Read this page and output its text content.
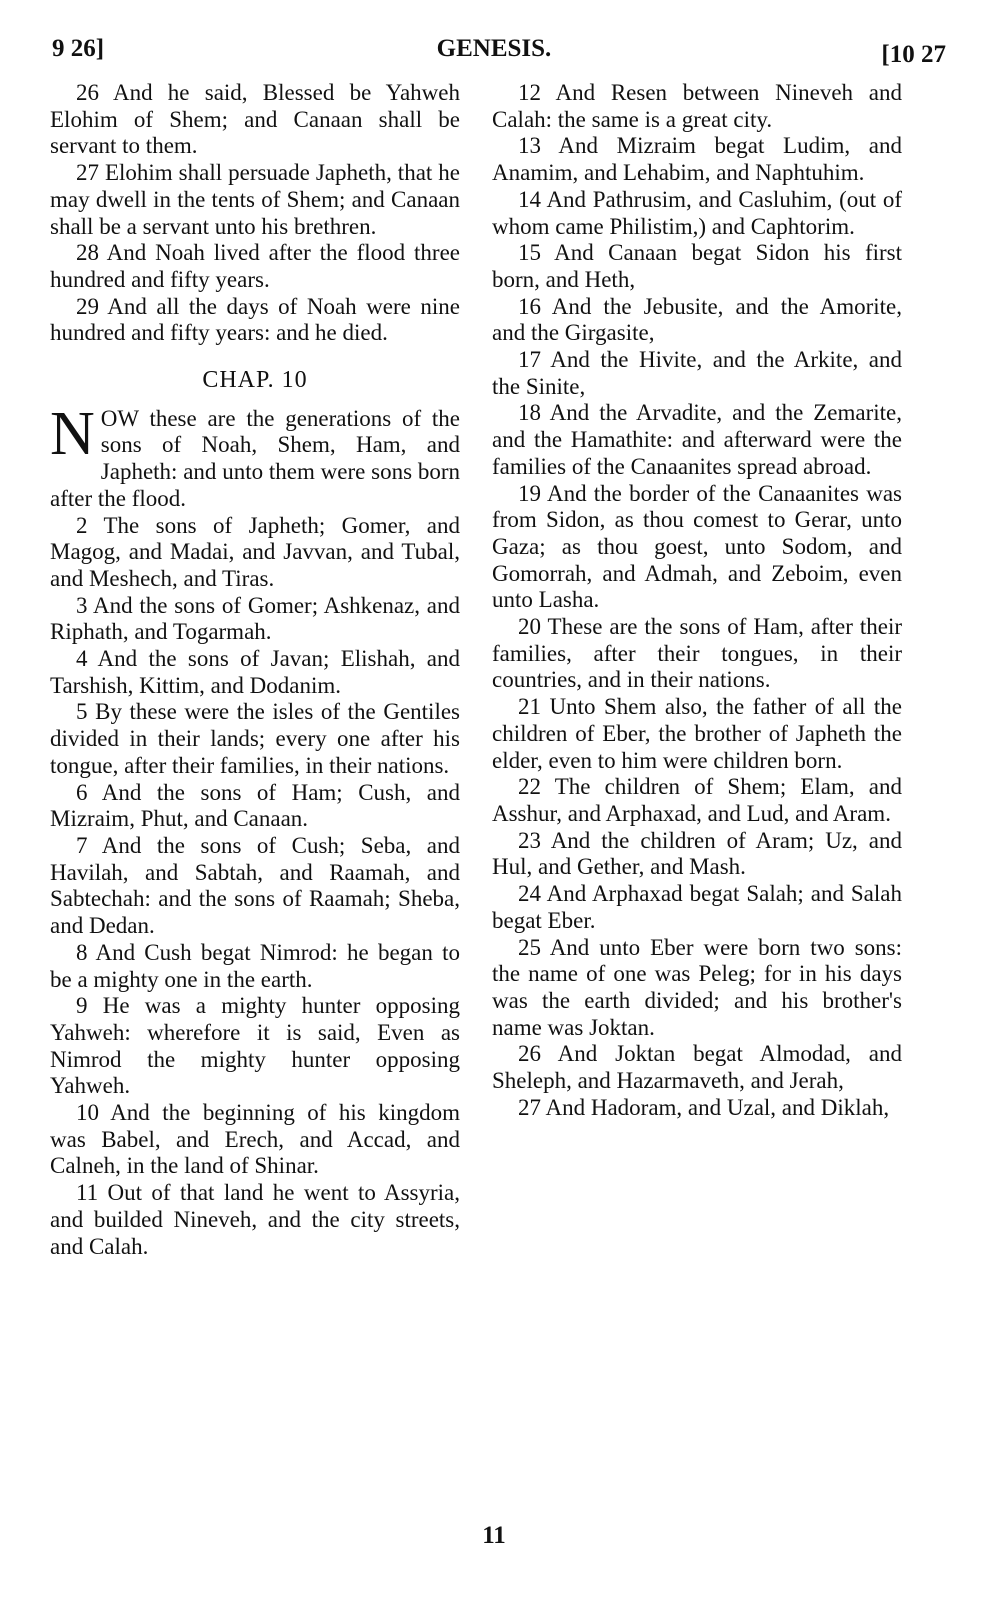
9 26]	GENESIS.	[10 27

26 And he said, Blessed be Yahweh Elohim of Shem; and Canaan shall be servant to them.

27 Elohim shall persuade Japheth, that he may dwell in the tents of Shem; and Canaan shall be a servant unto his brethren.

28 And Noah lived after the flood three hundred and fifty years.

29 And all the days of Noah were nine hundred and fifty years: and he died.

CHAP. 10

NOW these are the generations of the sons of Noah, Shem, Ham, and Japheth: and unto them were sons born after the flood.

2 The sons of Japheth; Gomer, and Magog, and Madai, and Javvan, and Tubal, and Meshech, and Tiras.

3 And the sons of Gomer; Ashkenaz, and Riphath, and Togarmah.

4 And the sons of Javan; Elishah, and Tarshish, Kittim, and Dodanim.

5 By these were the isles of the Gentiles divided in their lands; every one after his tongue, after their families, in their nations.

6 And the sons of Ham; Cush, and Mizraim, Phut, and Canaan.

7 And the sons of Cush; Seba, and Havilah, and Sabtah, and Raamah, and Sabtechah: and the sons of Raamah; Sheba, and Dedan.

8 And Cush begat Nimrod: he began to be a mighty one in the earth.

9 He was a mighty hunter opposing Yahweh: wherefore it is said, Even as Nimrod the mighty hunter opposing Yahweh.

10 And the beginning of his kingdom was Babel, and Erech, and Accad, and Calneh, in the land of Shinar.

11 Out of that land he went to Assyria, and builded Nineveh, and the city streets, and Calah.

12 And Resen between Nineveh and Calah: the same is a great city.

13 And Mizraim begat Ludim, and Anamim, and Lehabim, and Naphtuhim.

14 And Pathrusim, and Casluhim, (out of whom came Philistim,) and Caphtorim.

15 And Canaan begat Sidon his first born, and Heth,

16 And the Jebusite, and the Amorite, and the Girgasite,

17 And the Hivite, and the Arkite, and the Sinite,

18 And the Arvadite, and the Zemarite, and the Hamathite: and afterward were the families of the Canaanites spread abroad.

19 And the border of the Canaanites was from Sidon, as thou comest to Gerar, unto Gaza; as thou goest, unto Sodom, and Gomorrah, and Admah, and Zeboim, even unto Lasha.

20 These are the sons of Ham, after their families, after their tongues, in their countries, and in their nations.

21 Unto Shem also, the father of all the children of Eber, the brother of Japheth the elder, even to him were children born.

22 The children of Shem; Elam, and Asshur, and Arphaxad, and Lud, and Aram.

23 And the children of Aram; Uz, and Hul, and Gether, and Mash.

24 And Arphaxad begat Salah; and Salah begat Eber.

25 And unto Eber were born two sons: the name of one was Peleg; for in his days was the earth divided; and his brother's name was Joktan.

26 And Joktan begat Almodad, and Sheleph, and Hazarmaveth, and Jerah,

27 And Hadoram, and Uzal, and Diklah,

11
